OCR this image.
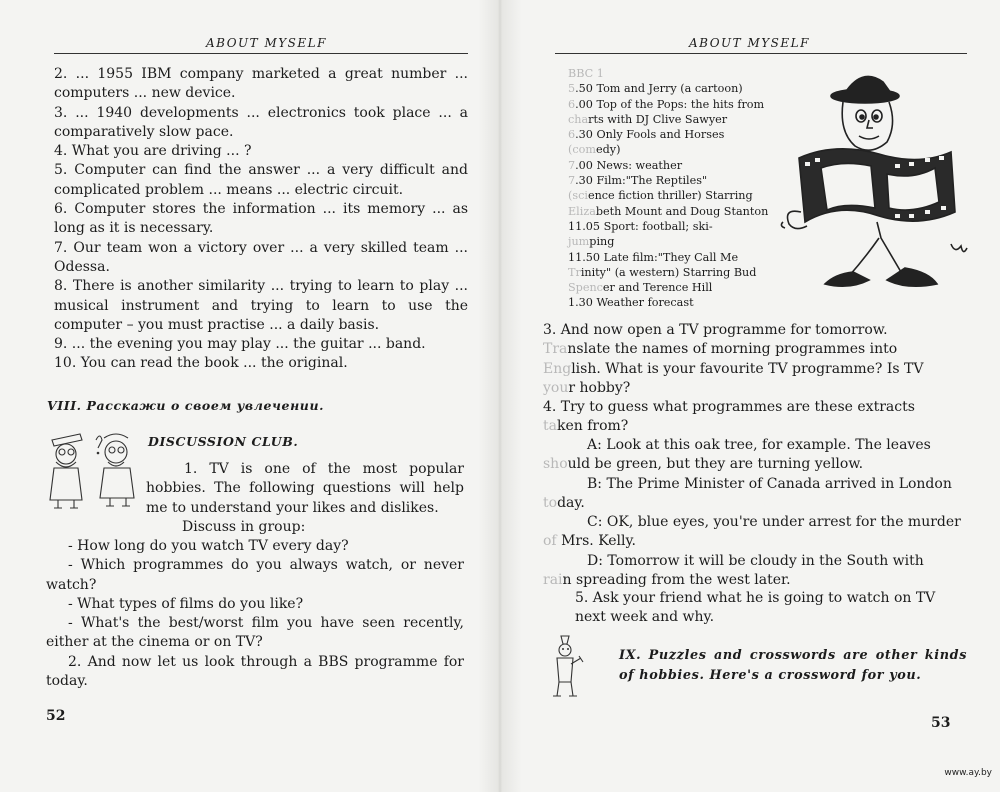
ABOUT MYSELF

2. ... 1955 IBM company marketed a great number ... computers ... new device.

3. ... 1940 developments ... electronics took place ... a comparatively slow pace.

4. What you are driving ... ?

5. Computer can find the answer ... a very difficult and complicated problem ... means ... electric circuit.

6. Computer stores the information ... its memory ... as long as it is necessary.

7. Our team won a victory over ... a very skilled team ... Odessa.

8. There is another similarity ... trying to learn to play ... musical instrument and trying to learn to use the computer – you must practise ... a daily basis.

9. ... the evening you may play ... the guitar ... band.

10. You can read the book ... the original.

VIII. Расскажи о своем увлечении.
DISCUSSION CLUB.

1. TV is one of the most popular hobbies. The following questions will help me to understand your likes and dislikes.

Discuss in group:

- How long do you watch TV every day?

- Which programmes do you always watch, or never watch?

- What types of films do you like?

- What's the best/worst film you have seen recently, either at the cinema or on TV?

2. And now let us look through a BBS programme for today.

52
ABOUT MYSELF

BBC 1

5.50 Tom and Jerry (a cartoon)

6.00 Top of the Pops: the hits from

charts with DJ Clive Sawyer

6.30 Only Fools and Horses

(comedy)

7.00 News: weather

7.30 Film:"The Reptiles"

(science fiction thriller) Starring

Elizabeth Mount and Doug Stanton

11.05 Sport: football; ski-

jumping

11.50 Late film:"They Call Me

Trinity" (a western) Starring Bud

Spencer and Terence Hill

1.30 Weather forecast

3. And now open a TV programme for tomorrow.

Translate the names of morning programmes into

English. What is your favourite TV programme? Is TV

your hobby?

4. Try to guess what programmes are these extracts

taken from?

A: Look at this oak tree, for example. The leaves

should be green, but they are turning yellow.

B: The Prime Minister of Canada arrived in London

today.

C: OK, blue eyes, you're under arrest for the murder

of Mrs. Kelly.

D: Tomorrow it will be cloudy in the South with

rain spreading from the west later.

5. Ask your friend what he is going to watch on TV next week and why.
IX. Puzzles and crosswords are other kinds of hobbies. Here's a crossword for you.
53
www.ay.by
